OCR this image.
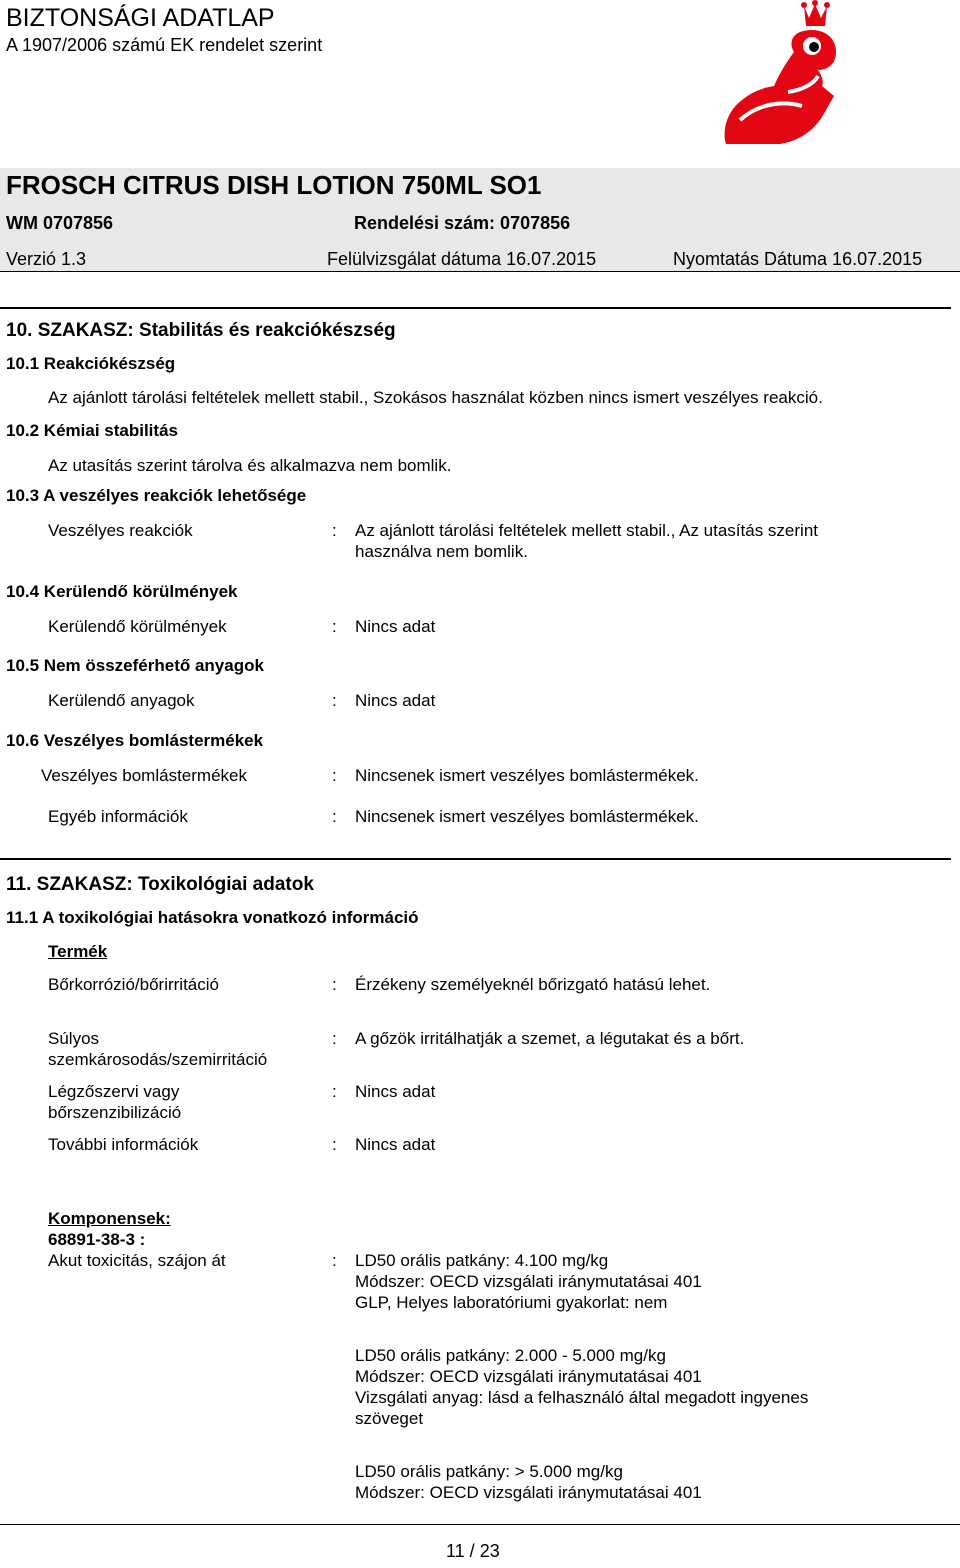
BIZTONSÁGI ADATLAP
A 1907/2006 számú EK rendelet szerint
FROSCH CITRUS DISH LOTION 750ML SO1
WM 0707856	Rendelési szám: 0707856
Verzió 1.3	Felülvizsgálat dátuma 16.07.2015	Nyomtatás Dátuma 16.07.2015
10. SZAKASZ: Stabilitás és reakciókészség
10.1 Reakciókészség
Az ajánlott tárolási feltételek mellett stabil., Szokásos használat közben nincs ismert veszélyes reakció.
10.2 Kémiai stabilitás
Az utasítás szerint tárolva és alkalmazva nem bomlik.
10.3 A veszélyes reakciók lehetősége
Veszélyes reakciók	: Az ajánlott tárolási feltételek mellett stabil., Az utasítás szerint
használva nem bomlik.
10.4 Kerülendő körülmények
Kerülendő körülmények	: Nincs adat
10.5 Nem összeférhető anyagok
Kerülendő anyagok	: Nincs adat
10.6 Veszélyes bomlástermékek
Veszélyes bomlástermékek	: Nincsenek ismert veszélyes bomlástermékek.
Egyéb információk	: Nincsenek ismert veszélyes bomlástermékek.
11. SZAKASZ: Toxikológiai adatok
11.1 A toxikológiai hatásokra vonatkozó információ
Termék
Bőrkorrózió/bőrirritáció	: Érzékeny személyeknél bőrizgató hatású lehet.
Súlyos
szemkárosodás/szemirritáció
: A gőzök irritálhatják a szemet, a légutakat és a bőrt.
Légzőszervi vagy
bőrszenzibilizáció
: Nincs adat
További információk	: Nincs adat
Komponensek:
68891-38-3 :
Akut toxicitás, szájon át	: LD50 orális patkány: 4.100 mg/kg
Módszer: OECD vizsgálati iránymutatásai 401
GLP, Helyes laboratóriumi gyakorlat: nem
LD50 orális patkány: 2.000 - 5.000 mg/kg
Módszer: OECD vizsgálati iránymutatásai 401
Vizsgálati anyag: lásd a felhasználó által megadott ingyenes
szöveget
LD50 orális patkány: > 5.000 mg/kg
Módszer: OECD vizsgálati iránymutatásai 401
11 / 23
